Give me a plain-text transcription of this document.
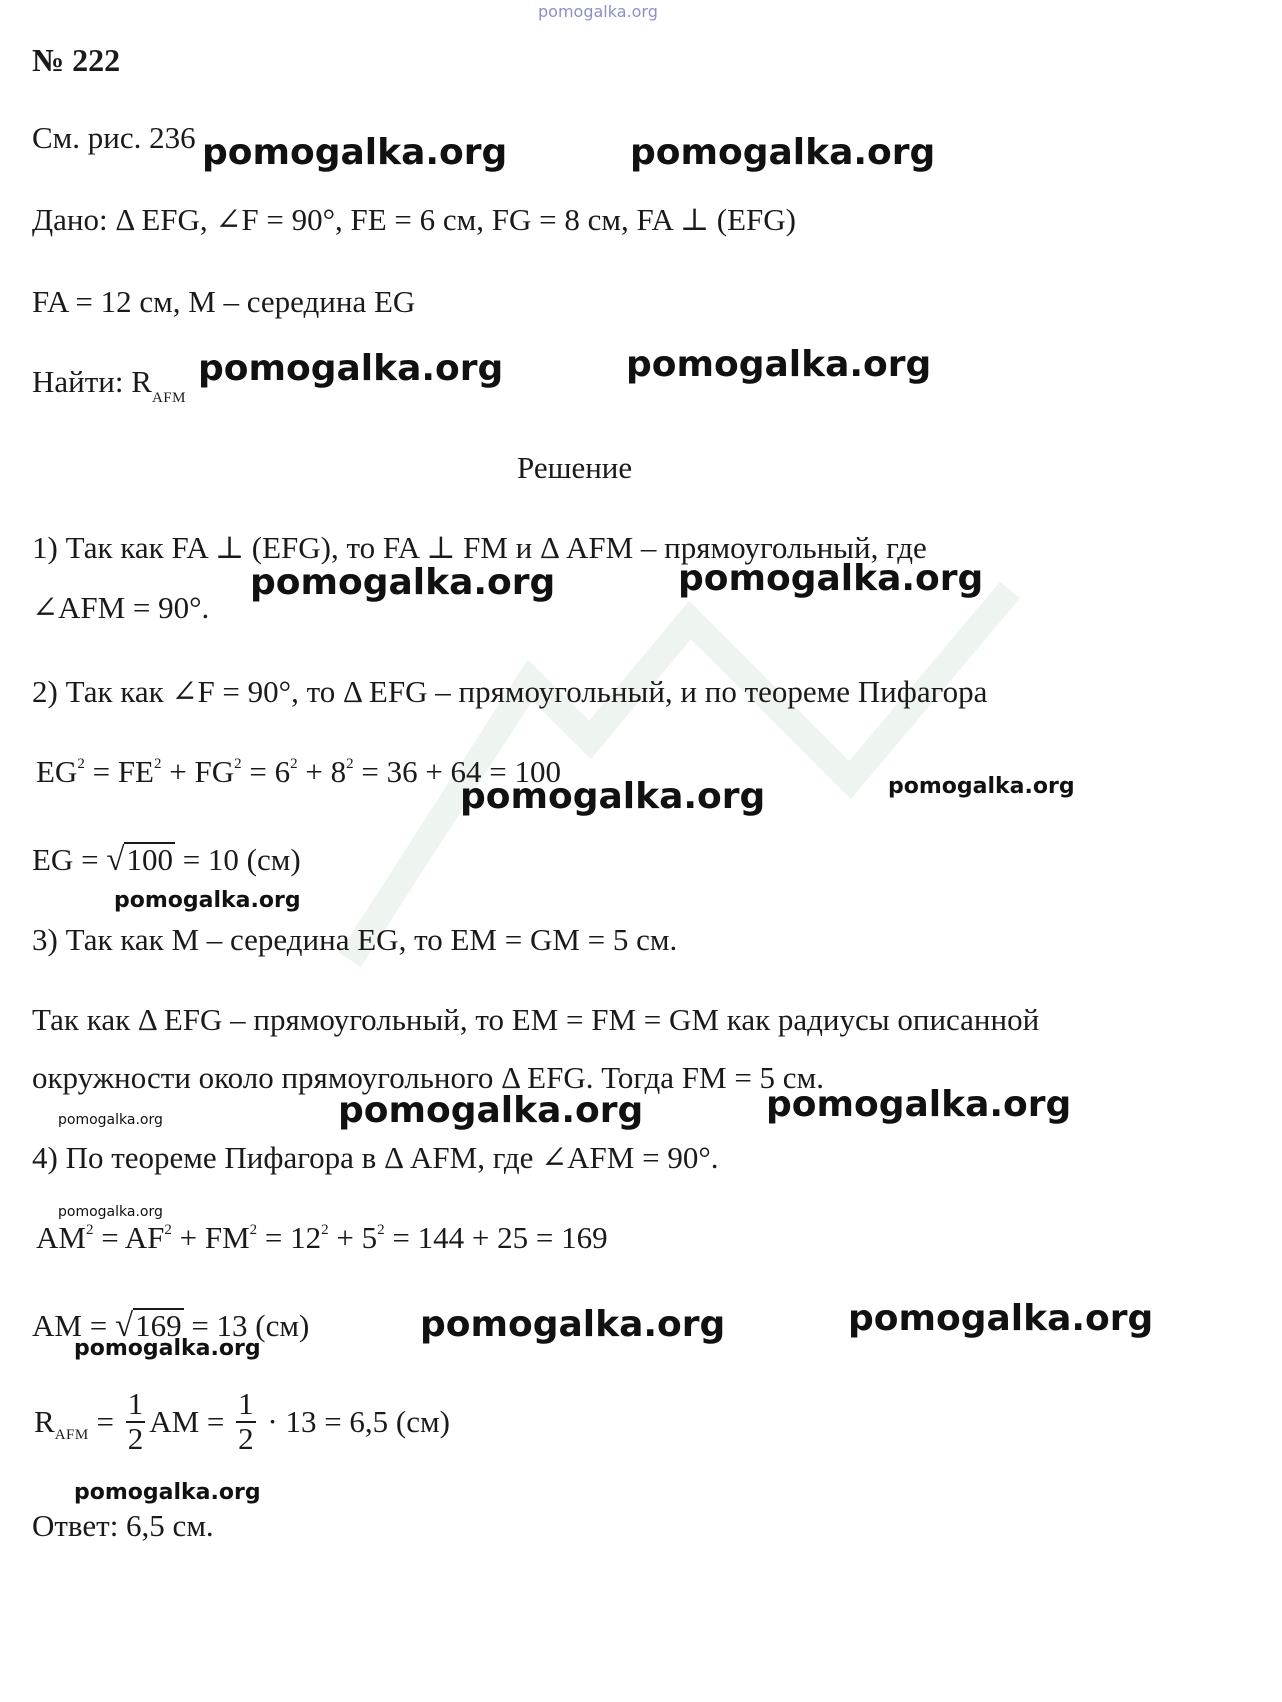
pomogalka.org
№ 222
См. рис. 236
Дано: Δ EFG, ∠F = 90°, FE = 6 см, FG = 8 см, FA ⊥ (EFG)
FA = 12 см, M – середина EG
Найти: $R_{AFM}$
Решение
1) Так как FA ⊥ (EFG), то FA ⊥ FM и Δ AFM – прямоугольный, где
∠AFM = 90°.
2) Так как ∠F = 90°, то Δ EFG – прямоугольный, и по теореме Пифагора
$EG^2 = FE^2 + FG^2 = 6^2 + 8^2 = 36 + 64 = 100$
EG = √100 = 10 (см)
3) Так как M – середина EG, то EM = GM = 5 см.
Так как Δ EFG – прямоугольный, то EM = FM = GM как радиусы описанной
окружности около прямоугольного Δ EFG. Тогда FM = 5 см.
4) По теореме Пифагора в Δ AFM, где ∠AFM = 90°.
$AM^2 = AF^2 + FM^2 = 12^2 + 5^2 = 144 + 25 = 169$
AM = √169 = 13 (см)
$R_{AFM} = \frac{1}{2}$ AM = $\frac{1}{2} \cdot 13 = 6,5$ (см)
Ответ: 6,5 см.
pomogalka.org	pomogalka.org
pomogalka.org	pomogalka.org
pomogalka.org	pomogalka.org
pomogalka.org	pomogalka.org
pomogalka.org
pomogalka.org	pomogalka.org
pomogalka.org
pomogalka.org
pomogalka.org	pomogalka.org
pomogalka.org
pomogalka.org
